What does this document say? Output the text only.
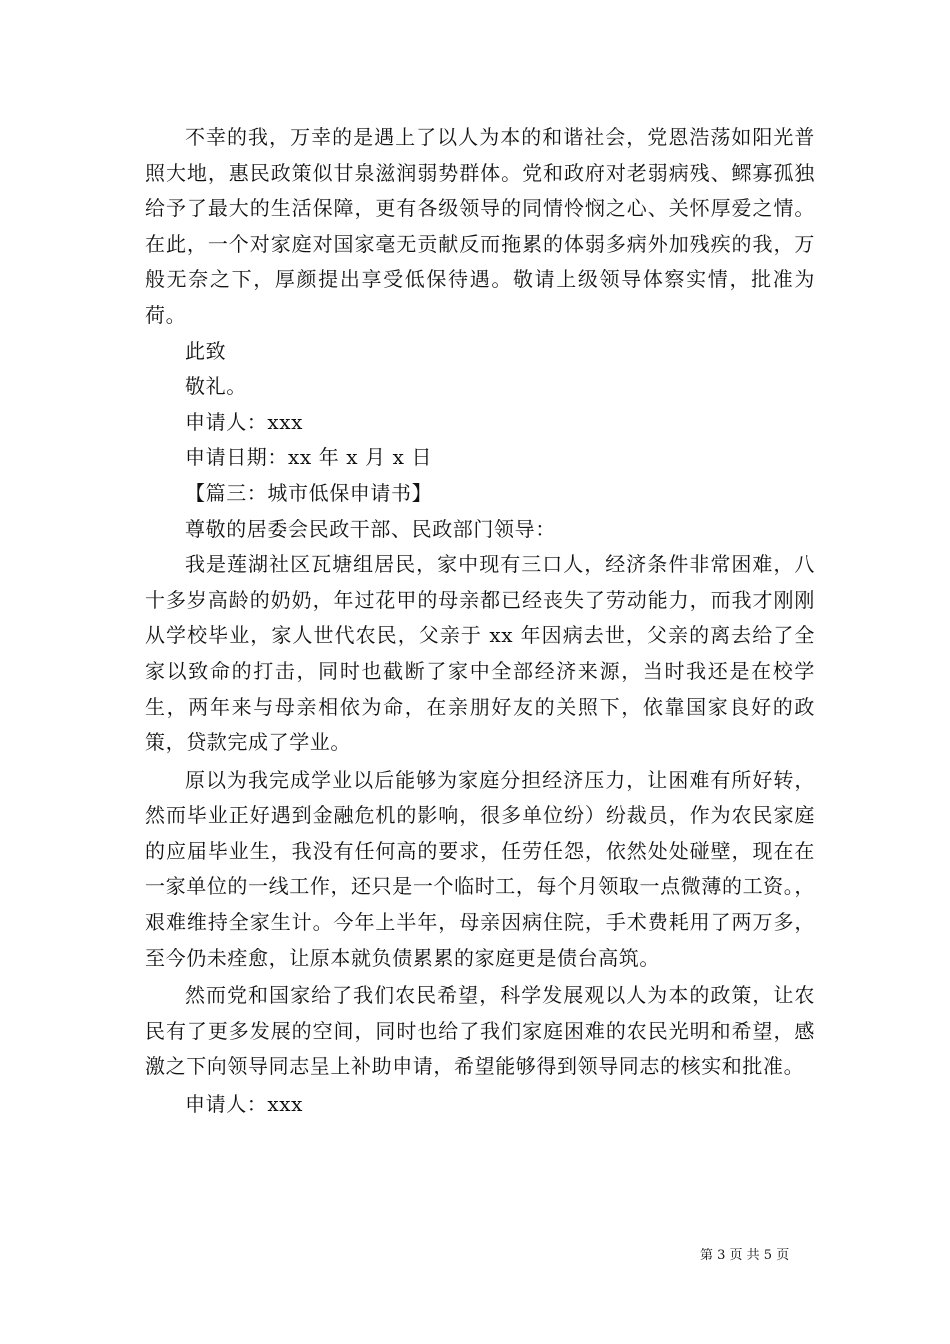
不幸的我，万幸的是遇上了以人为本的和谐社会，党恩浩荡如阳光普照大地，惠民政策似甘泉滋润弱势群体。党和政府对老弱病残、鳏寡孤独给予了最大的生活保障，更有各级领导的同情怜悯之心、关怀厚爱之情。在此，一个对家庭对国家毫无贡献反而拖累的体弱多病外加残疾的我，万般无奈之下，厚颜提出享受低保待遇。敬请上级领导体察实情，批准为荷。

此致

敬礼。

申请人：xxx

申请日期：xx 年 x 月 x 日

【篇三：城市低保申请书】

尊敬的居委会民政干部、民政部门领导：

我是莲湖社区瓦塘组居民，家中现有三口人，经济条件非常困难，八十多岁高龄的奶奶，年过花甲的母亲都已经丧失了劳动能力，而我才刚刚从学校毕业，家人世代农民，父亲于 xx 年因病去世，父亲的离去给了全家以致命的打击，同时也截断了家中全部经济来源，当时我还是在校学生，两年来与母亲相依为命，在亲朋好友的关照下，依靠国家良好的政策，贷款完成了学业。

原以为我完成学业以后能够为家庭分担经济压力，让困难有所好转，然而毕业正好遇到金融危机的影响，很多单位纷）纷裁员，作为农民家庭的应届毕业生，我没有任何高的要求，任劳任怨，依然处处碰壁，现在在一家单位的一线工作，还只是一个临时工，每个月领取一点微薄的工资。，艰难维持全家生计。今年上半年，母亲因病住院，手术费耗用了两万多，至今仍未痊愈，让原本就负债累累的家庭更是债台高筑。

然而党和国家给了我们农民希望，科学发展观以人为本的政策，让农民有了更多发展的空间，同时也给了我们家庭困难的农民光明和希望，感激之下向领导同志呈上补助申请，希望能够得到领导同志的核实和批准。

申请人：xxx

第 3 页 共 5 页
